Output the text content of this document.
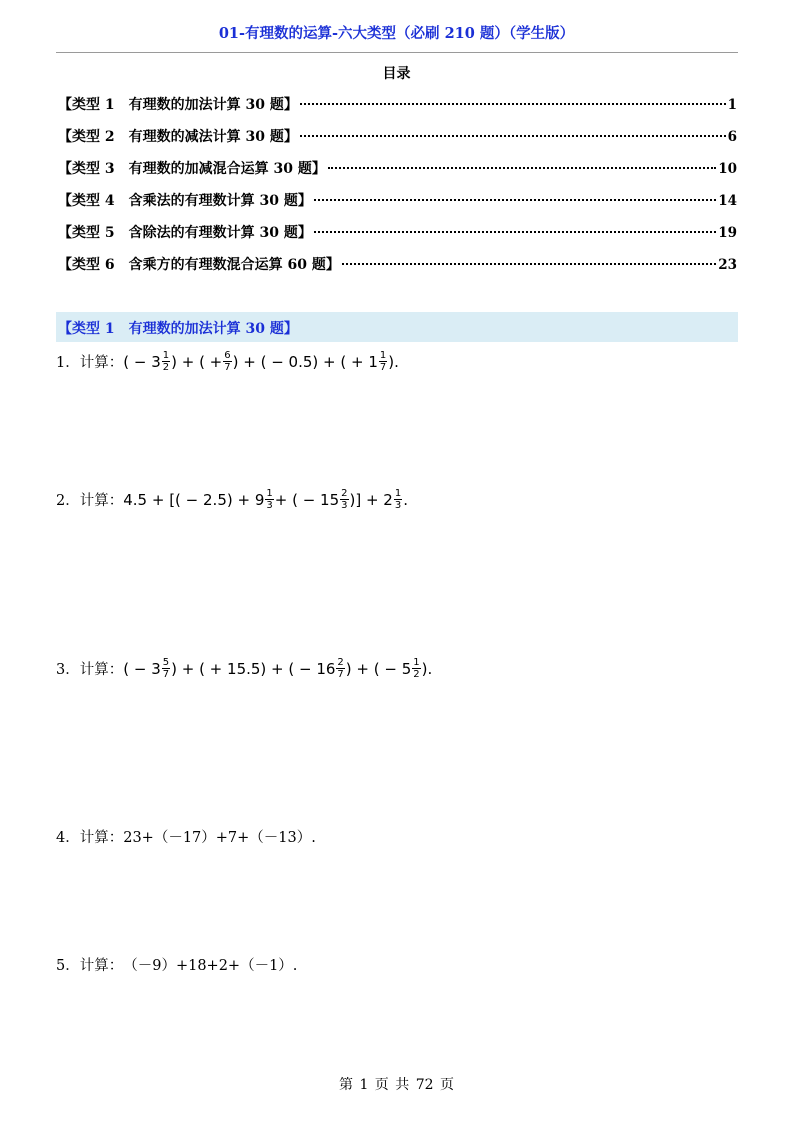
01-有理数的运算-六大类型（必刷 210 题）（学生版）
目录
【类型 1　有理数的加法计算 30 题】	1
【类型 2　有理数的减法计算 30 题】	6
【类型 3　有理数的加减混合运算 30 题】	10
【类型 4　含乘法的有理数计算 30 题】	14
【类型 5　含除法的有理数计算 30 题】	19
【类型 6　含乘方的有理数混合运算 60 题】	23
【类型 1　有理数的加法计算 30 题】
1．计算： ( − $3 \frac{1}{2}$ ) + ( + $\frac{6}{7}$ ) + ( − 0.5) + ( + $1 \frac{1}{7}$ ).
2．计算： 4.5 + [( − $2.5) + 9 \frac{1}{3}$ + ( − $15 \frac{2}{3}$ )] + $2 \frac{1}{3}$ .
3．计算： ( − $3 \frac{5}{7}$ ) + ( + 15.5) + ( − $16 \frac{2}{7}$ ) + ( − $5 \frac{1}{2}$ ).
4．计算： 23+（－17）+7+（－13）.
5．计算： （－9）+18+2+（－1）.
第 1 页 共 72 页
